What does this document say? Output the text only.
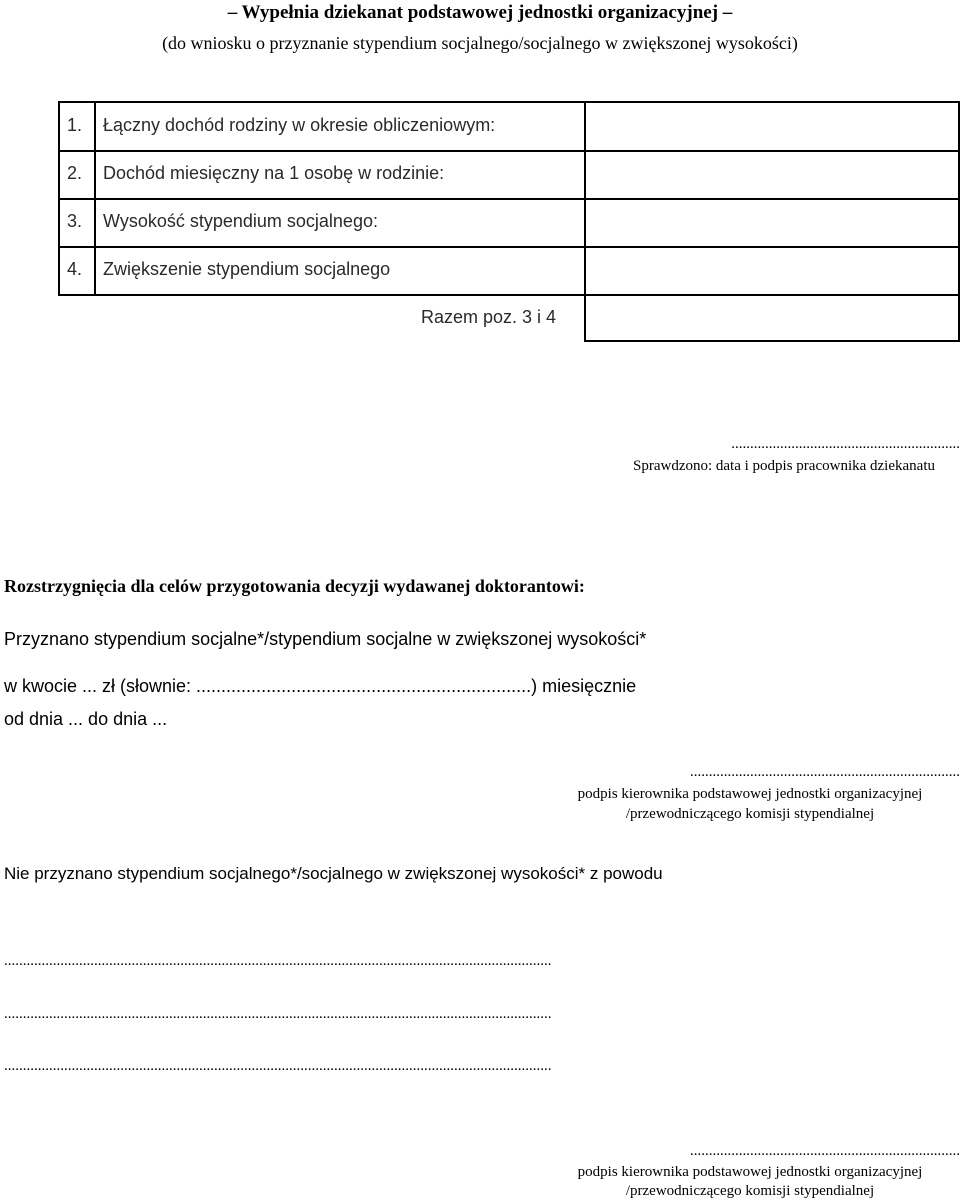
– Wypełnia dziekanat podstawowej jednostki organizacyjnej –
(do wniosku o przyznanie stypendium socjalnego/socjalnego w zwiększonej wysokości)
1. Łączny dochód rodziny w okresie obliczeniowym:
2. Dochód miesięczny na 1 osobę w rodzinie:
3. Wysokość stypendium socjalnego:
4. Zwiększenie stypendium socjalnego
Razem poz. 3 i 4
.............................................................
Sprawdzono: data i podpis pracownika dziekanatu
Rozstrzygnięcia dla celów przygotowania decyzji wydawanej doktorantowi:
Przyznano stypendium socjalne*/stypendium socjalne w zwiększonej wysokości*
w kwocie ... zł (słownie: ...................................................................) miesięcznie
od dnia ... do dnia ...
........................................................................
podpis kierownika podstawowej jednostki organizacyjnej
/przewodniczącego komisji stypendialnej
Nie przyznano stypendium socjalnego*/socjalnego w zwiększonej wysokości* z powodu
..................................................................................................................................................
..................................................................................................................................................
..................................................................................................................................................
........................................................................
podpis kierownika podstawowej jednostki organizacyjnej
/przewodniczącego komisji stypendialnej
